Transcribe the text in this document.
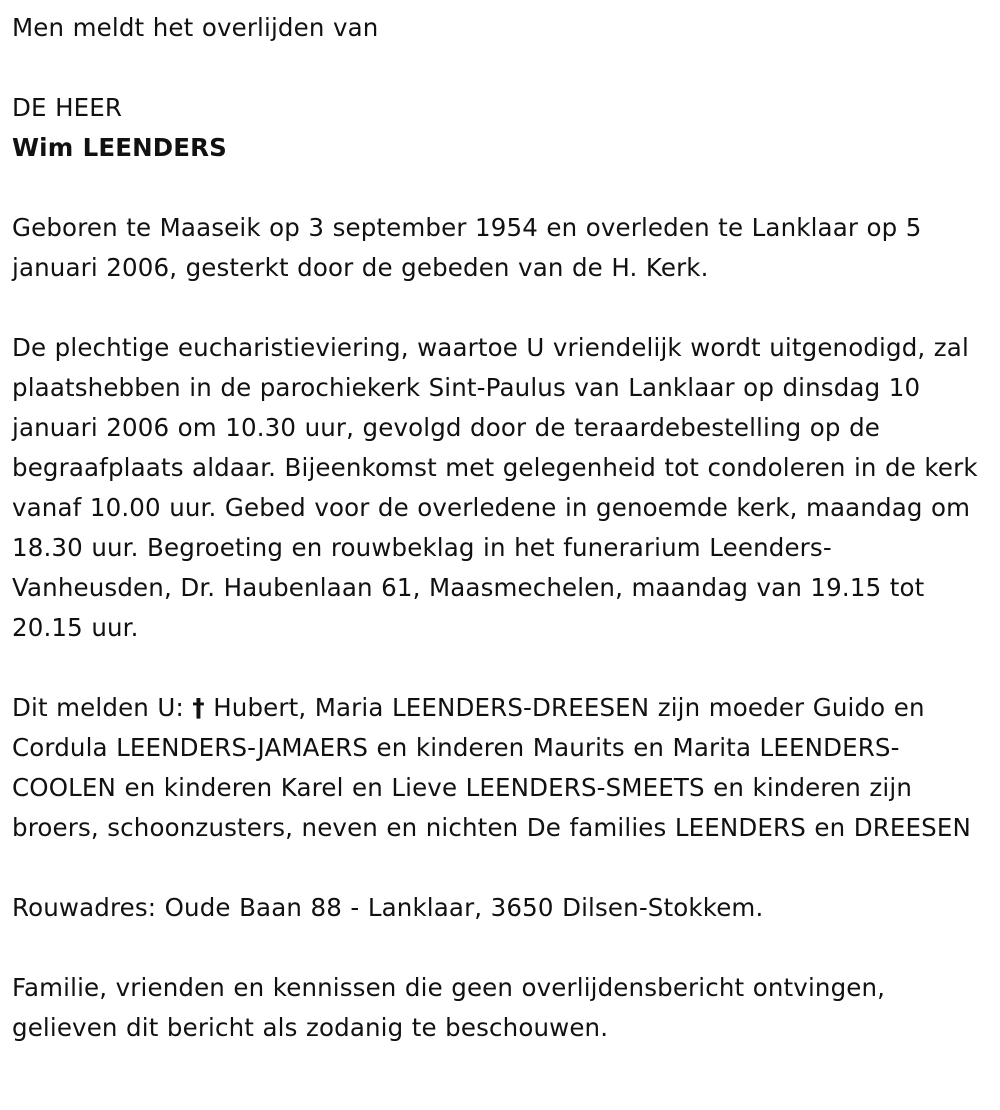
Men meldt het overlijden van

DE HEER

Wim LEENDERS

Geboren te Maaseik op 3 september 1954 en overleden te Lanklaar op 5 januari 2006, gesterkt door de gebeden van de H. Kerk.

De plechtige eucharistieviering, waartoe U vriendelijk wordt uitgenodigd, zal plaatshebben in de parochiekerk Sint-Paulus van Lanklaar op dinsdag 10 januari 2006 om 10.30 uur, gevolgd door de teraardebestelling op de begraafplaats aldaar. Bijeenkomst met gelegenheid tot condoleren in de kerk vanaf 10.00 uur. Gebed voor de overledene in genoemde kerk, maandag om 18.30 uur. Begroeting en rouwbeklag in het funerarium Leenders-Vanheusden, Dr. Haubenlaan 61, Maasmechelen, maandag van 19.15 tot 20.15 uur.

Dit melden U: † Hubert, Maria LEENDERS-DREESEN zijn moeder Guido en Cordula LEENDERS-JAMAERS en kinderen Maurits en Marita LEENDERS-COOLEN en kinderen Karel en Lieve LEENDERS-SMEETS en kinderen zijn broers, schoonzusters, neven en nichten De families LEENDERS en DREESEN

Rouwadres: Oude Baan 88 - Lanklaar, 3650 Dilsen-Stokkem.

Familie, vrienden en kennissen die geen overlijdensbericht ontvingen, gelieven dit bericht als zodanig te beschouwen.
